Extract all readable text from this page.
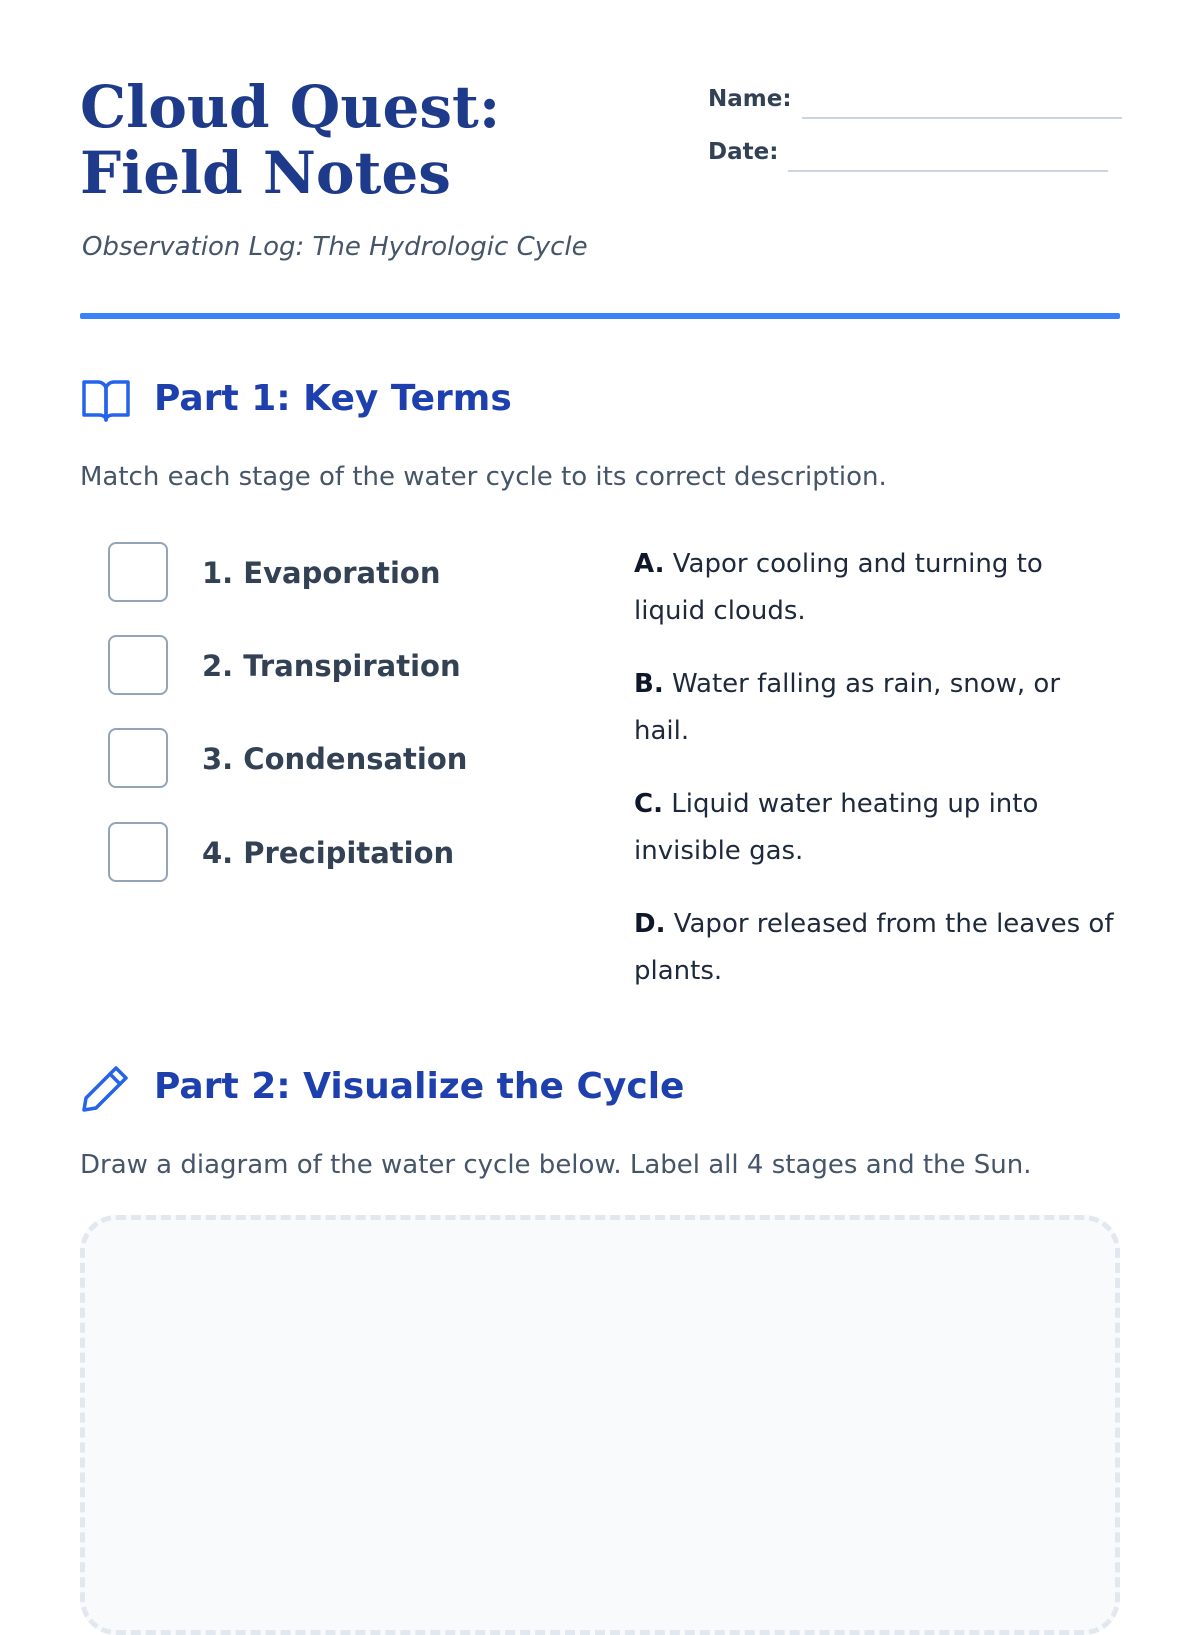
Cloud Quest: Field Notes

Observation Log: The Hydrologic Cycle

Name:
Date:
Part 1: Key Terms

Match each stage of the water cycle to its correct description.

1. Evaporation
2. Transpiration
3. Condensation
4. Precipitation

A. Vapor cooling and turning to liquid clouds.

B. Water falling as rain, snow, or hail.

C. Liquid water heating up into invisible gas.

D. Vapor released from the leaves of plants.

Part 2: Visualize the Cycle

Draw a diagram of the water cycle below. Label all 4 stages and the Sun.
